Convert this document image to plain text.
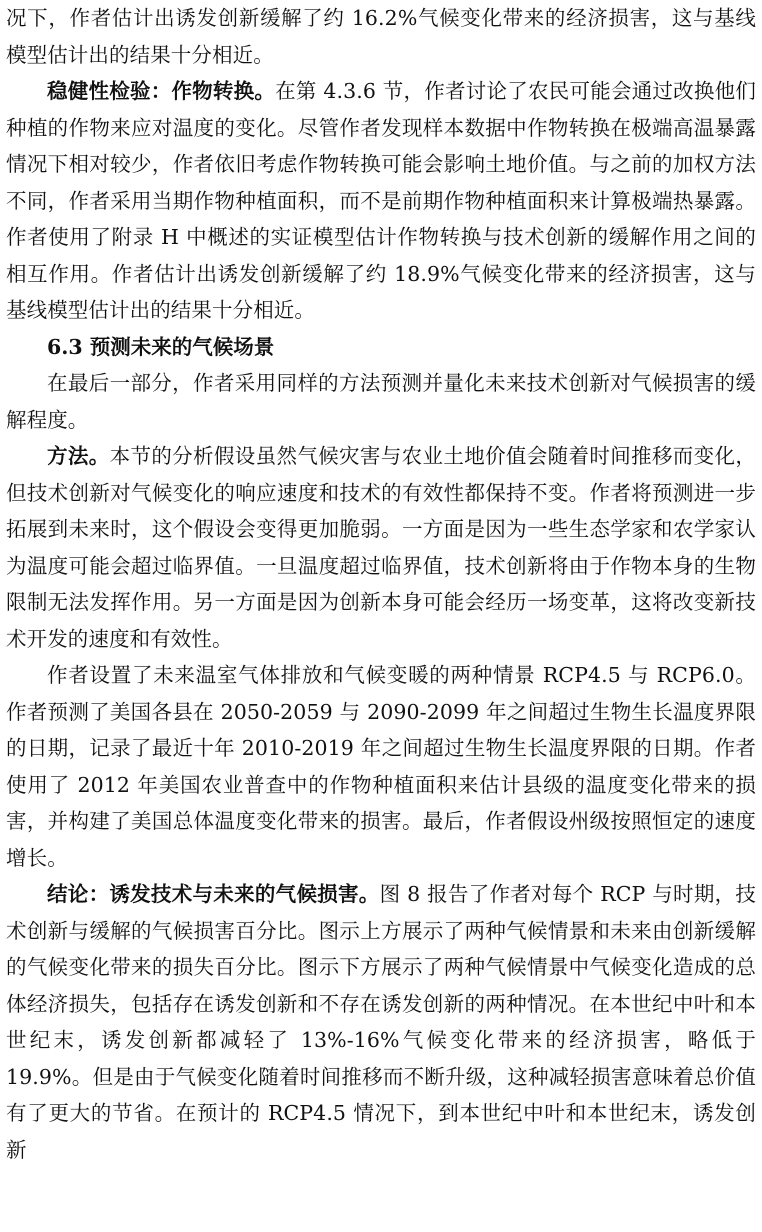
况下，作者估计出诱发创新缓解了约 16.2%气候变化带来的经济损害，这与基线模型估计出的结果十分相近。

稳健性检验：作物转换。在第 4.3.6 节，作者讨论了农民可能会通过改换他们种植的作物来应对温度的变化。尽管作者发现样本数据中作物转换在极端高温暴露情况下相对较少，作者依旧考虑作物转换可能会影响土地价值。与之前的加权方法不同，作者采用当期作物种植面积，而不是前期作物种植面积来计算极端热暴露。作者使用了附录 H 中概述的实证模型估计作物转换与技术创新的缓解作用之间的相互作用。作者估计出诱发创新缓解了约 18.9%气候变化带来的经济损害，这与基线模型估计出的结果十分相近。

6.3 预测未来的气候场景

在最后一部分，作者采用同样的方法预测并量化未来技术创新对气候损害的缓解程度。

方法。本节的分析假设虽然气候灾害与农业土地价值会随着时间推移而变化，但技术创新对气候变化的响应速度和技术的有效性都保持不变。作者将预测进一步拓展到未来时，这个假设会变得更加脆弱。一方面是因为一些生态学家和农学家认为温度可能会超过临界值。一旦温度超过临界值，技术创新将由于作物本身的生物限制无法发挥作用。另一方面是因为创新本身可能会经历一场变革，这将改变新技术开发的速度和有效性。

作者设置了未来温室气体排放和气候变暖的两种情景 RCP4.5 与 RCP6.0。作者预测了美国各县在 2050-2059 与 2090-2099 年之间超过生物生长温度界限的日期，记录了最近十年 2010-2019 年之间超过生物生长温度界限的日期。作者使用了 2012 年美国农业普查中的作物种植面积来估计县级的温度变化带来的损害，并构建了美国总体温度变化带来的损害。最后，作者假设州级按照恒定的速度增长。

结论：诱发技术与未来的气候损害。图 8 报告了作者对每个 RCP 与时期，技术创新与缓解的气候损害百分比。图示上方展示了两种气候情景和未来由创新缓解的气候变化带来的损失百分比。图示下方展示了两种气候情景中气候变化造成的总体经济损失，包括存在诱发创新和不存在诱发创新的两种情况。在本世纪中叶和本世纪末，诱发创新都减轻了 13%-16%气候变化带来的经济损害，略低于 19.9%。但是由于气候变化随着时间推移而不断升级，这种减轻损害意味着总价值有了更大的节省。在预计的 RCP4.5 情况下，到本世纪中叶和本世纪末，诱发创新
